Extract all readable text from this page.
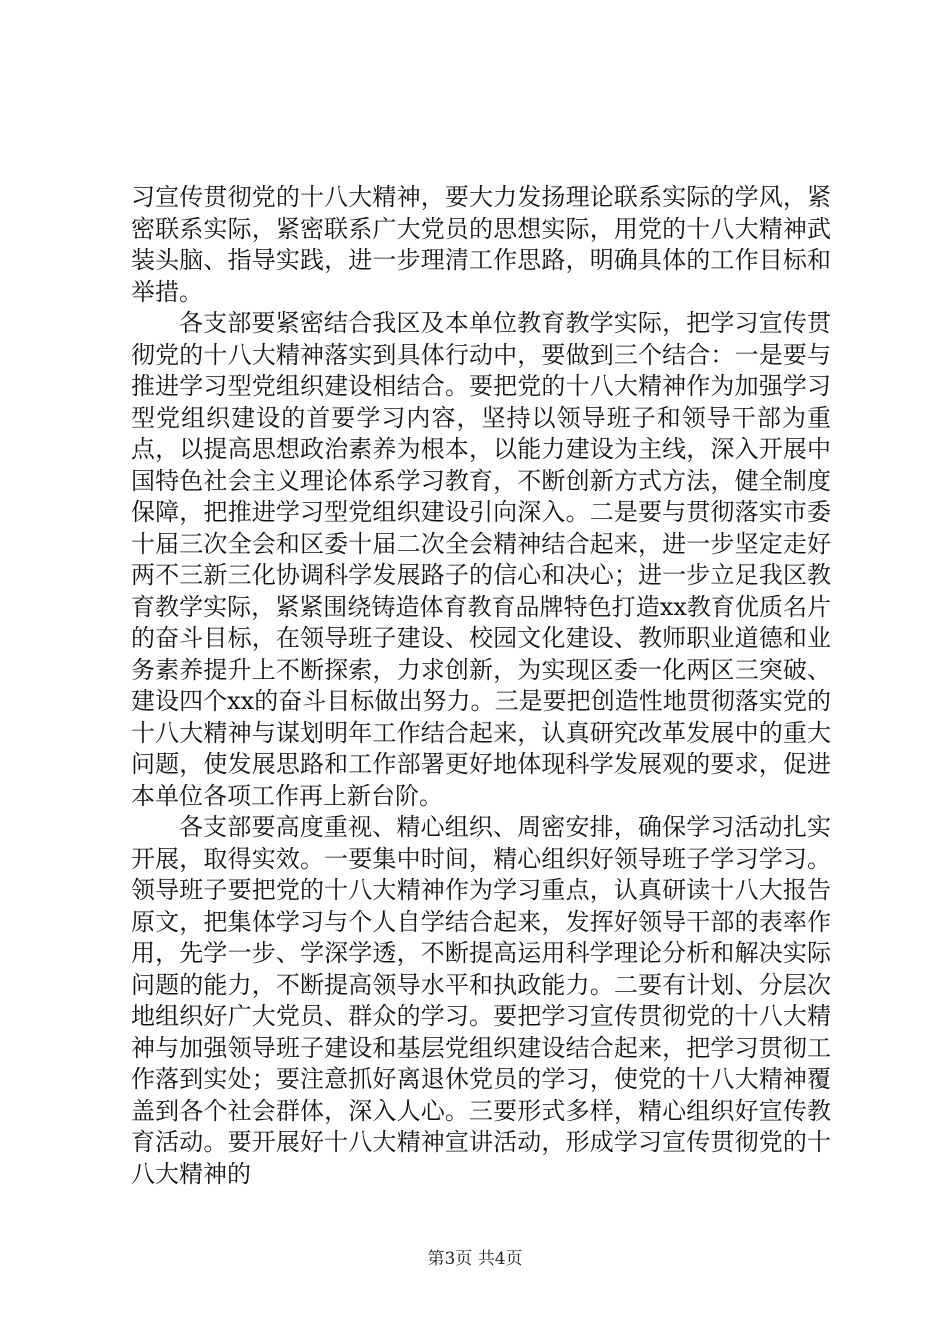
习宣传贯彻党的十八大精神，要大力发扬理论联系实际的学风，紧密联系实际，紧密联系广大党员的思想实际，用党的十八大精神武装头脑、指导实践，进一步理清工作思路，明确具体的工作目标和举措。

各支部要紧密结合我区及本单位教育教学实际，把学习宣传贯彻党的十八大精神落实到具体行动中，要做到三个结合：一是要与推进学习型党组织建设相结合。要把党的十八大精神作为加强学习型党组织建设的首要学习内容，坚持以领导班子和领导干部为重点，以提高思想政治素养为根本，以能力建设为主线，深入开展中国特色社会主义理论体系学习教育，不断创新方式方法，健全制度保障，把推进学习型党组织建设引向深入。二是要与贯彻落实市委十届三次全会和区委十届二次全会精神结合起来，进一步坚定走好两不三新三化协调科学发展路子的信心和决心；进一步立足我区教育教学实际，紧紧围绕铸造体育教育品牌特色打造xx教育优质名片的奋斗目标，在领导班子建设、校园文化建设、教师职业道德和业务素养提升上不断探索，力求创新，为实现区委一化两区三突破、建设四个xx的奋斗目标做出努力。三是要把创造性地贯彻落实党的十八大精神与谋划明年工作结合起来，认真研究改革发展中的重大问题，使发展思路和工作部署更好地体现科学发展观的要求，促进本单位各项工作再上新台阶。

各支部要高度重视、精心组织、周密安排，确保学习活动扎实开展，取得实效。一要集中时间，精心组织好领导班子学习学习。领导班子要把党的十八大精神作为学习重点，认真研读十八大报告原文，把集体学习与个人自学结合起来，发挥好领导干部的表率作用，先学一步、学深学透，不断提高运用科学理论分析和解决实际问题的能力，不断提高领导水平和执政能力。二要有计划、分层次地组织好广大党员、群众的学习。要把学习宣传贯彻党的十八大精神与加强领导班子建设和基层党组织建设结合起来，把学习贯彻工作落到实处；要注意抓好离退休党员的学习，使党的十八大精神覆盖到各个社会群体，深入人心。三要形式多样，精心组织好宣传教育活动。要开展好十八大精神宣讲活动，形成学习宣传贯彻党的十八大精神的

第3页 共4页
